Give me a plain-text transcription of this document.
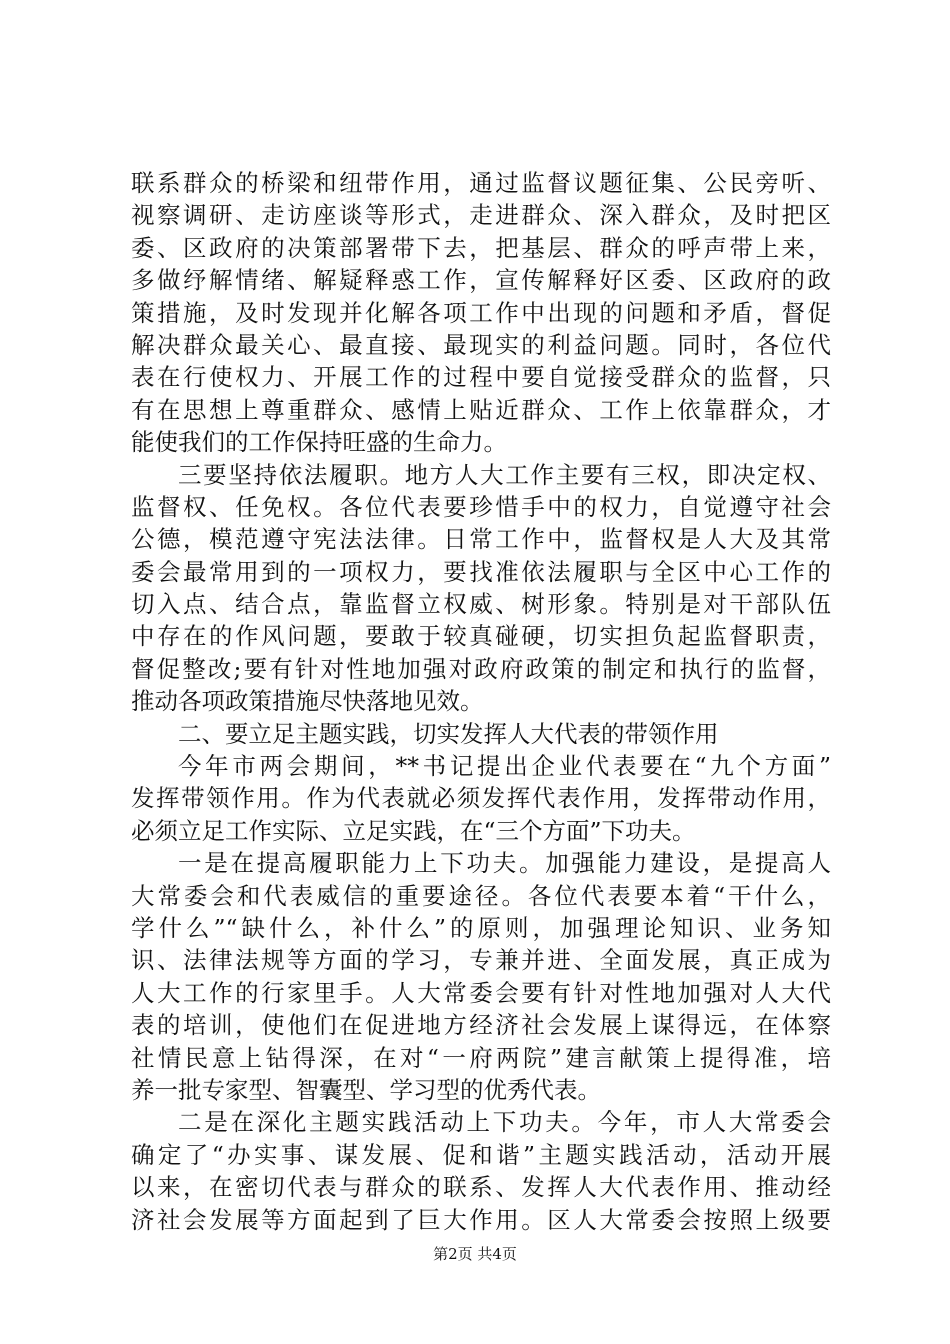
联系群众的桥梁和纽带作用，通过监督议题征集、公民旁听、
视察调研、走访座谈等形式，走进群众、深入群众，及时把区
委、区政府的决策部署带下去，把基层、群众的呼声带上来，
多做纾解情绪、解疑释惑工作，宣传解释好区委、区政府的政
策措施，及时发现并化解各项工作中出现的问题和矛盾，督促
解决群众最关心、最直接、最现实的利益问题。同时，各位代
表在行使权力、开展工作的过程中要自觉接受群众的监督，只
有在思想上尊重群众、感情上贴近群众、工作上依靠群众，才
能使我们的工作保持旺盛的生命力。
三要坚持依法履职。地方人大工作主要有三权，即决定权、
监督权、任免权。各位代表要珍惜手中的权力，自觉遵守社会
公德，模范遵守宪法法律。日常工作中，监督权是人大及其常
委会最常用到的一项权力，要找准依法履职与全区中心工作的
切入点、结合点，靠监督立权威、树形象。特别是对干部队伍
中存在的作风问题，要敢于较真碰硬，切实担负起监督职责，
督促整改;要有针对性地加强对政府政策的制定和执行的监督，
推动各项政策措施尽快落地见效。
二、要立足主题实践，切实发挥人大代表的带领作用
今年市两会期间，**书记提出企业代表要在“九个方面”
发挥带领作用。作为代表就必须发挥代表作用，发挥带动作用，
必须立足工作实际、立足实践，在“三个方面”下功夫。
一是在提高履职能力上下功夫。加强能力建设，是提高人
大常委会和代表威信的重要途径。各位代表要本着“干什么，
学什么”“缺什么，补什么”的原则，加强理论知识、业务知
识、法律法规等方面的学习，专兼并进、全面发展，真正成为
人大工作的行家里手。人大常委会要有针对性地加强对人大代
表的培训，使他们在促进地方经济社会发展上谋得远，在体察
社情民意上钻得深，在对“一府两院”建言献策上提得准，培
养一批专家型、智囊型、学习型的优秀代表。
二是在深化主题实践活动上下功夫。今年，市人大常委会
确定了“办实事、谋发展、促和谐”主题实践活动，活动开展
以来，在密切代表与群众的联系、发挥人大代表作用、推动经
济社会发展等方面起到了巨大作用。区人大常委会按照上级要
第2页 共4页
